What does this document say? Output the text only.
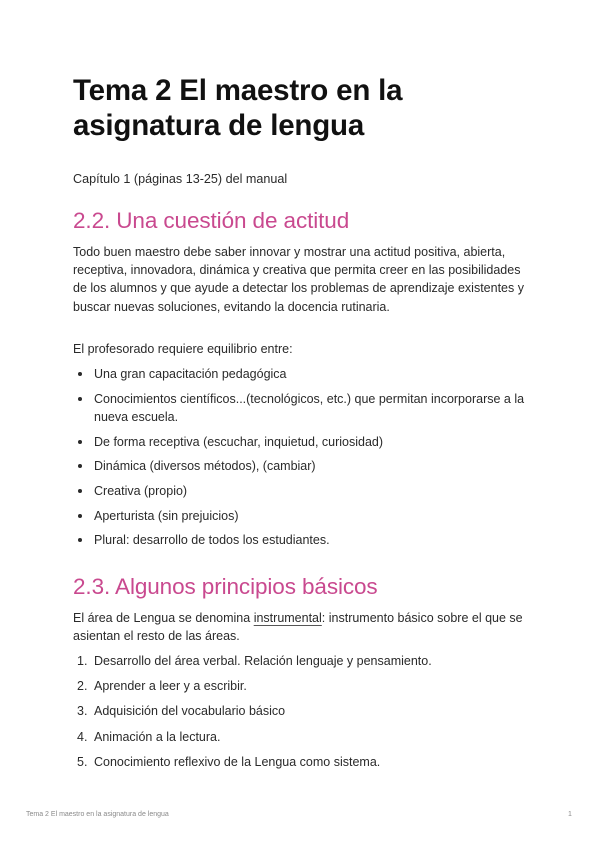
Tema 2 El maestro en la asignatura de lengua

Capítulo 1 (páginas 13-25) del manual

2.2. Una cuestión de actitud

Todo buen maestro debe saber innovar y mostrar una actitud positiva, abierta, receptiva, innovadora, dinámica y creativa que permita creer en las posibilidades de los alumnos y que ayude a detectar los problemas de aprendizaje existentes y buscar nuevas soluciones, evitando la docencia rutinaria.

El profesorado requiere equilibrio entre:

Una gran capacitación pedagógica
Conocimientos científicos...(tecnológicos, etc.) que permitan incorporarse a la nueva escuela.
De forma receptiva (escuchar, inquietud, curiosidad)
Dinámica (diversos métodos), (cambiar)
Creativa (propio)
Aperturista (sin prejuicios)
Plural: desarrollo de todos los estudiantes.
2.3. Algunos principios básicos

El área de Lengua se denomina instrumental: instrumento básico sobre el que se asientan el resto de las áreas.

1. Desarrollo del área verbal. Relación lenguaje y pensamiento.
2. Aprender a leer y a escribir.
3. Adquisición del vocabulario básico
4. Animación a la lectura.
5. Conocimiento reflexivo de la Lengua como sistema.
Tema 2 El maestro en la asignatura de lengua	1
